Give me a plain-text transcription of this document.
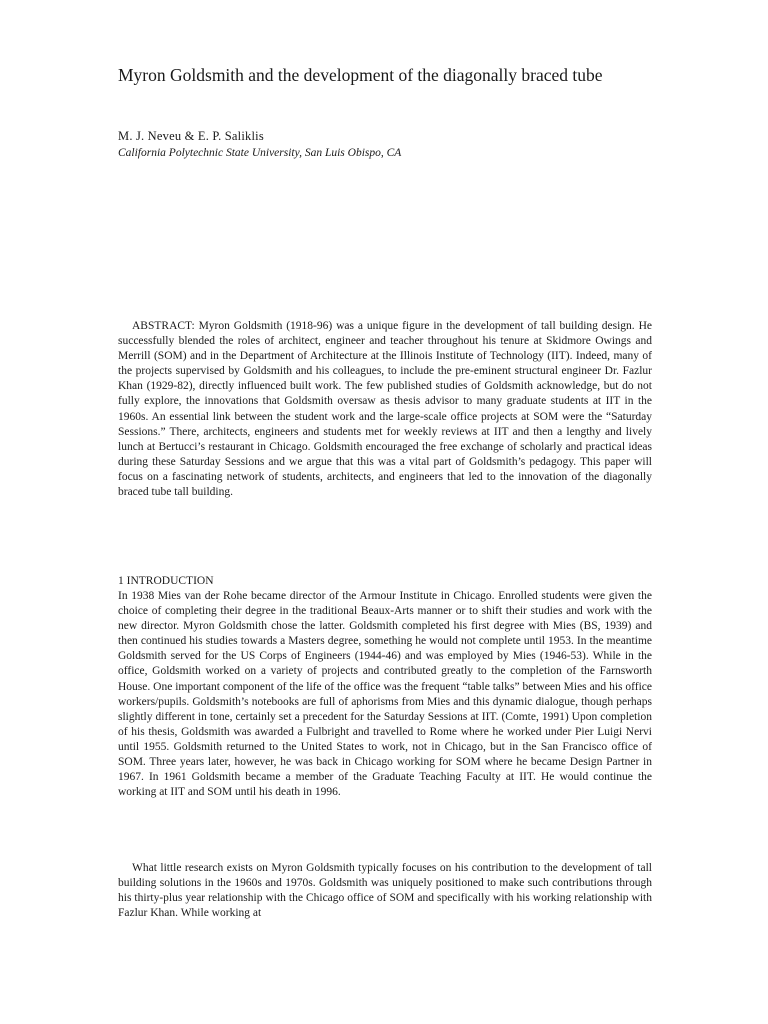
Myron Goldsmith and the development of the diagonally braced tube

M. J. Neveu & E. P. Saliklis

California Polytechnic State University, San Luis Obispo, CA

ABSTRACT: Myron Goldsmith (1918-96) was a unique figure in the development of tall building design. He successfully blended the roles of architect, engineer and teacher throughout his tenure at Skidmore Owings and Merrill (SOM) and in the Department of Architecture at the Illinois Institute of Technology (IIT). Indeed, many of the projects supervised by Goldsmith and his colleagues, to include the pre-eminent structural engineer Dr. Fazlur Khan (1929-82), directly influenced built work. The few published studies of Goldsmith acknowledge, but do not fully explore, the innovations that Goldsmith oversaw as thesis advisor to many graduate students at IIT in the 1960s. An essential link between the student work and the large-scale office projects at SOM were the “Saturday Sessions.” There, architects, engineers and students met for weekly reviews at IIT and then a lengthy and lively lunch at Bertucci’s restaurant in Chicago. Goldsmith encouraged the free exchange of scholarly and practical ideas during these Saturday Sessions and we argue that this was a vital part of Goldsmith’s pedagogy. This paper will focus on a fascinating network of students, architects, and engineers that led to the innovation of the diagonally braced tube tall building.

1 INTRODUCTION

In 1938 Mies van der Rohe became director of the Armour Institute in Chicago. Enrolled students were given the choice of completing their degree in the traditional Beaux-Arts manner or to shift their studies and work with the new director. Myron Goldsmith chose the latter. Goldsmith completed his first degree with Mies (BS, 1939) and then continued his studies towards a Masters degree, something he would not complete until 1953. In the meantime Goldsmith served for the US Corps of Engineers (1944-46) and was employed by Mies (1946-53). While in the office, Goldsmith worked on a variety of projects and contributed greatly to the completion of the Farnsworth House. One important component of the life of the office was the frequent “table talks” between Mies and his office workers/pupils. Goldsmith’s notebooks are full of aphorisms from Mies and this dynamic dialogue, though perhaps slightly different in tone, certainly set a precedent for the Saturday Sessions at IIT. (Comte, 1991) Upon completion of his thesis, Goldsmith was awarded a Fulbright and travelled to Rome where he worked under Pier Luigi Nervi until 1955. Goldsmith returned to the United States to work, not in Chicago, but in the San Francisco office of SOM. Three years later, however, he was back in Chicago working for SOM where he became Design Partner in 1967. In 1961 Goldsmith became a member of the Graduate Teaching Faculty at IIT. He would continue the working at IIT and SOM until his death in 1996.

What little research exists on Myron Goldsmith typically focuses on his contribution to the development of tall building solutions in the 1960s and 1970s. Goldsmith was uniquely positioned to make such contributions through his thirty-plus year relationship with the Chicago office of SOM and specifically with his working relationship with Fazlur Khan. While working at
